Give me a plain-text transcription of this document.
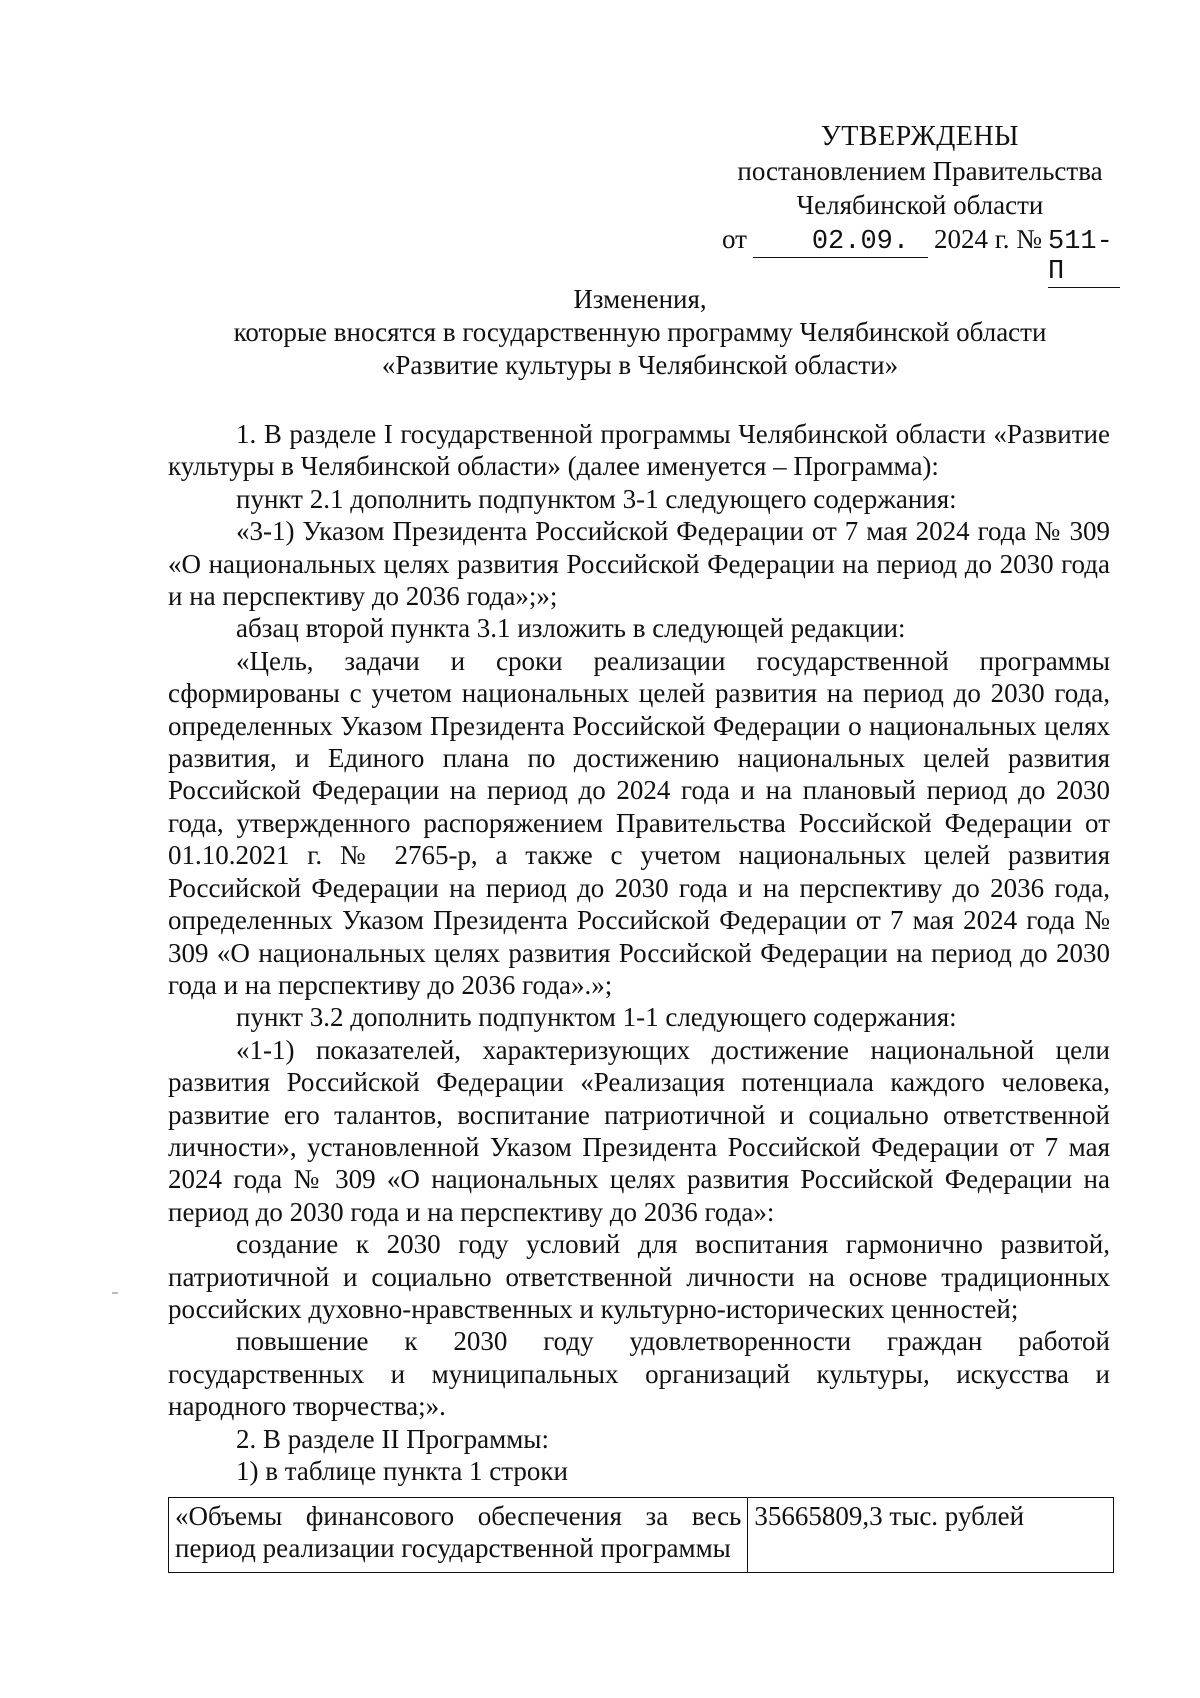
УТВЕРЖДЕНЫ
постановлением Правительства
Челябинской области
от	02.09. 2024 г. № 511-П
Изменения,
которые вносятся в государственную программу Челябинской области
«Развитие культуры в Челябинской области»

1. В разделе I государственной программы Челябинской области «Развитие культуры в Челябинской области» (далее именуется – Программа):

пункт 2.1 дополнить подпунктом 3-1 следующего содержания:

«3-1) Указом Президента Российской Федерации от 7 мая 2024 года № 309 «О национальных целях развития Российской Федерации на период до 2030 года и на перспективу до 2036 года»;»;

абзац второй пункта 3.1 изложить в следующей редакции:

«Цель, задачи и сроки реализации государственной программы сформированы с учетом национальных целей развития на период до 2030 года, определенных Указом Президента Российской Федерации о национальных целях развития, и Единого плана по достижению национальных целей развития Российской Федерации на период до 2024 года и на плановый период до 2030 года, утвержденного распоряжением Правительства Российской Федерации от 01.10.2021 г. № 2765-р, а также с учетом национальных целей развития Российской Федерации на период до 2030 года и на перспективу до 2036 года, определенных Указом Президента Российской Федерации от 7 мая 2024 года № 309 «О национальных целях развития Российской Федерации на период до 2030 года и на перспективу до 2036 года».»;

пункт 3.2 дополнить подпунктом 1-1 следующего содержания:

«1-1) показателей, характеризующих достижение национальной цели развития Российской Федерации «Реализация потенциала каждого человека, развитие его талантов, воспитание патриотичной и социально ответственной личности», установленной Указом Президента Российской Федерации от 7 мая 2024 года № 309 «О национальных целях развития Российской Федерации на период до 2030 года и на перспективу до 2036 года»:

создание к 2030 году условий для воспитания гармонично развитой, патриотичной и социально ответственной личности на основе традиционных российских духовно-нравственных и культурно-исторических ценностей;

повышение к 2030 году удовлетворенности граждан работой государственных и муниципальных организаций культуры, искусства и народного творчества;».

2. В разделе II Программы:

1) в таблице пункта 1 строки

«Объемы финансового обеспечения за весь период реализации государственной программы	35665809,3 тыс. рублей
